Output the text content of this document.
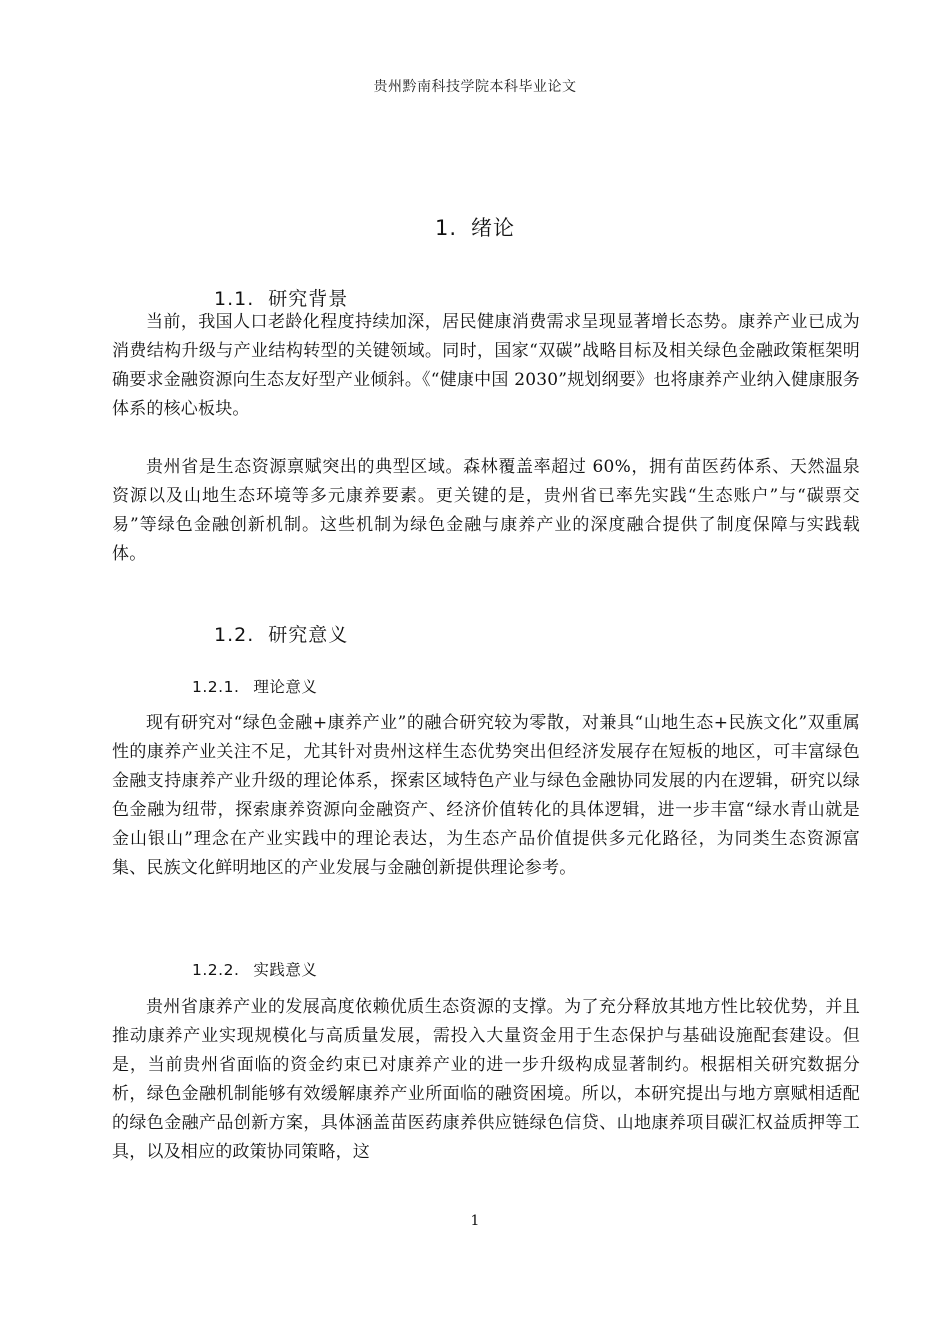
贵州黔南科技学院本科毕业论文
1. 绪论
1.1. 研究背景

当前，我国人口老龄化程度持续加深，居民健康消费需求呈现显著增长态势。康养产业已成为消费结构升级与产业结构转型的关键领域。同时，国家“双碳”战略目标及相关绿色金融政策框架明确要求金融资源向生态友好型产业倾斜。《“健康中国 2030”规划纲要》也将康养产业纳入健康服务体系的核心板块。

贵州省是生态资源禀赋突出的典型区域。森林覆盖率超过 60%，拥有苗医药体系、天然温泉资源以及山地生态环境等多元康养要素。更关键的是，贵州省已率先实践“生态账户”与“碳票交易”等绿色金融创新机制。这些机制为绿色金融与康养产业的深度融合提供了制度保障与实践载体。

1.2. 研究意义
1.2.1. 理论意义

现有研究对“绿色金融+康养产业”的融合研究较为零散，对兼具“山地生态+民族文化”双重属性的康养产业关注不足，尤其针对贵州这样生态优势突出但经济发展存在短板的地区，可丰富绿色金融支持康养产业升级的理论体系，探索区域特色产业与绿色金融协同发展的内在逻辑，研究以绿色金融为纽带，探索康养资源向金融资产、经济价值转化的具体逻辑，进一步丰富“绿水青山就是金山银山”理念在产业实践中的理论表达，为生态产品价值提供多元化路径，为同类生态资源富集、民族文化鲜明地区的产业发展与金融创新提供理论参考。

1.2.2. 实践意义

贵州省康养产业的发展高度依赖优质生态资源的支撑。为了充分释放其地方性比较优势，并且推动康养产业实现规模化与高质量发展，需投入大量资金用于生态保护与基础设施配套建设。但是，当前贵州省面临的资金约束已对康养产业的进一步升级构成显著制约。根据相关研究数据分析，绿色金融机制能够有效缓解康养产业所面临的融资困境。所以，本研究提出与地方禀赋相适配的绿色金融产品创新方案，具体涵盖苗医药康养供应链绿色信贷、山地康养项目碳汇权益质押等工具，以及相应的政策协同策略，这

1
